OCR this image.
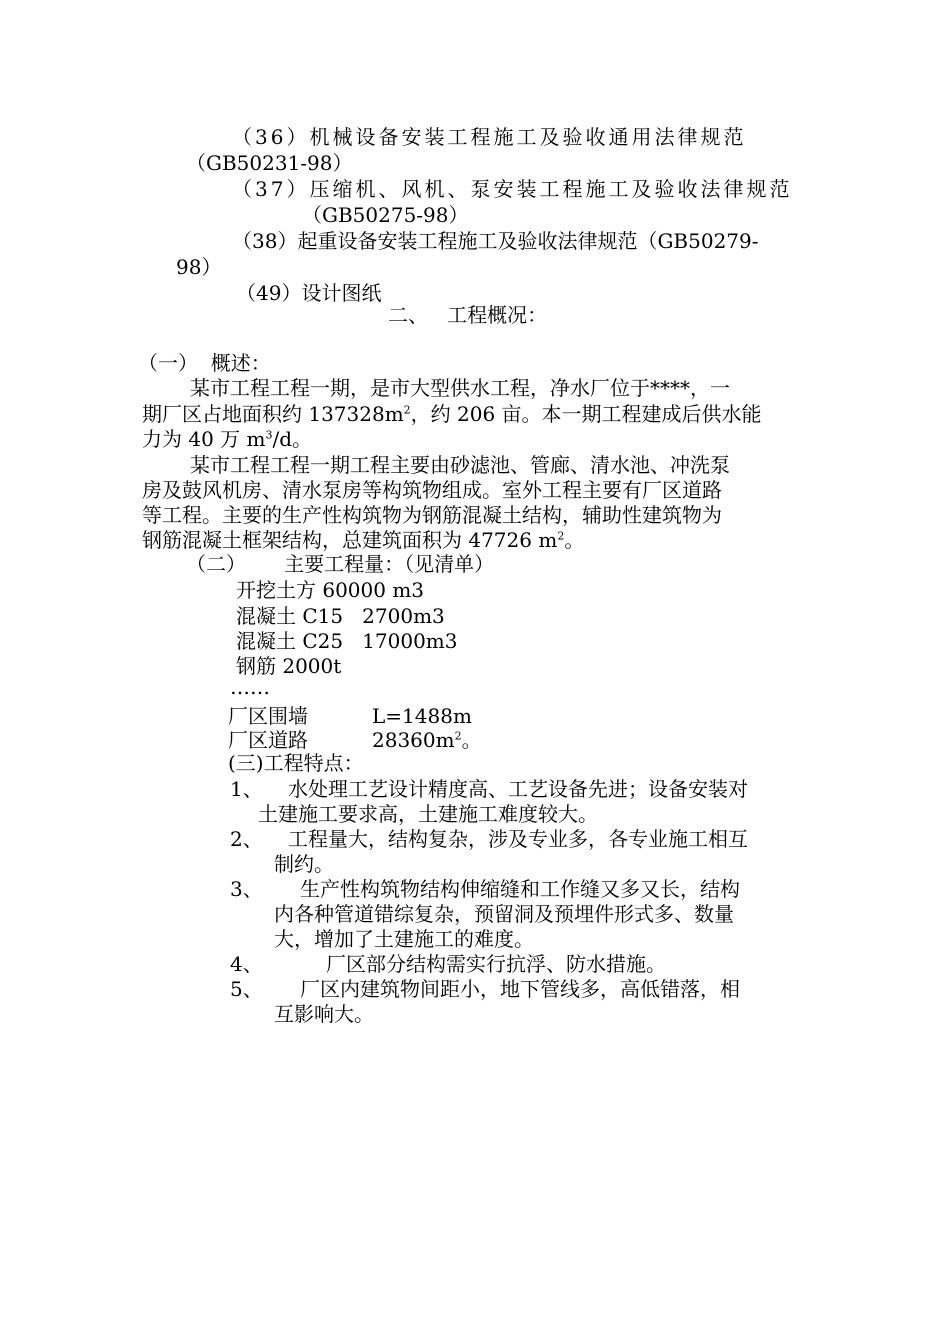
（36）机械设备安装工程施工及验收通用法律规范
（GB50231-98）
（37）压缩机、风机、泵安装工程施工及验收法律规范
（GB50275-98）
（38）起重设备安装工程施工及验收法律规范（GB50279-
98）
（49）设计图纸
二、   工程概况：
（一）  概述：
某市工程工程一期，是市大型供水工程，净水厂位于****，一
期厂区占地面积约 $137328m^2$，约 206 亩。本一期工程建成后供水能
力为 40 万 $m^3/d$。
某市工程工程一期工程主要由砂滤池、管廊、清水池、冲洗泵
房及鼓风机房、清水泵房等构筑物组成。室外工程主要有厂区道路
等工程。主要的生产性构筑物为钢筋混凝土结构，辅助性建筑物为
钢筋混凝土框架结构，总建筑面积为 47726 $m^2$。
（二）      主要工程量：（见清单）
开挖土方 60000 m3
混凝土 C15   2700m3
混凝土 C25   17000m3
钢筋 2000t
……
厂区围墙	L=1488m
厂区道路	$28360m^2$。
(三)工程特点：
1、 水处理工艺设计精度高、工艺设备先进；设备安装对
土建施工要求高，土建施工难度较大。
2、 工程量大，结构复杂，涉及专业多，各专业施工相互
制约。
3、 生产性构筑物结构伸缩缝和工作缝又多又长，结构
内各种管道错综复杂，预留洞及预埋件形式多、数量
大，增加了土建施工的难度。
4、	厂区部分结构需实行抗浮、防水措施。
5、 厂区内建筑物间距小，地下管线多，高低错落，相
互影响大。
